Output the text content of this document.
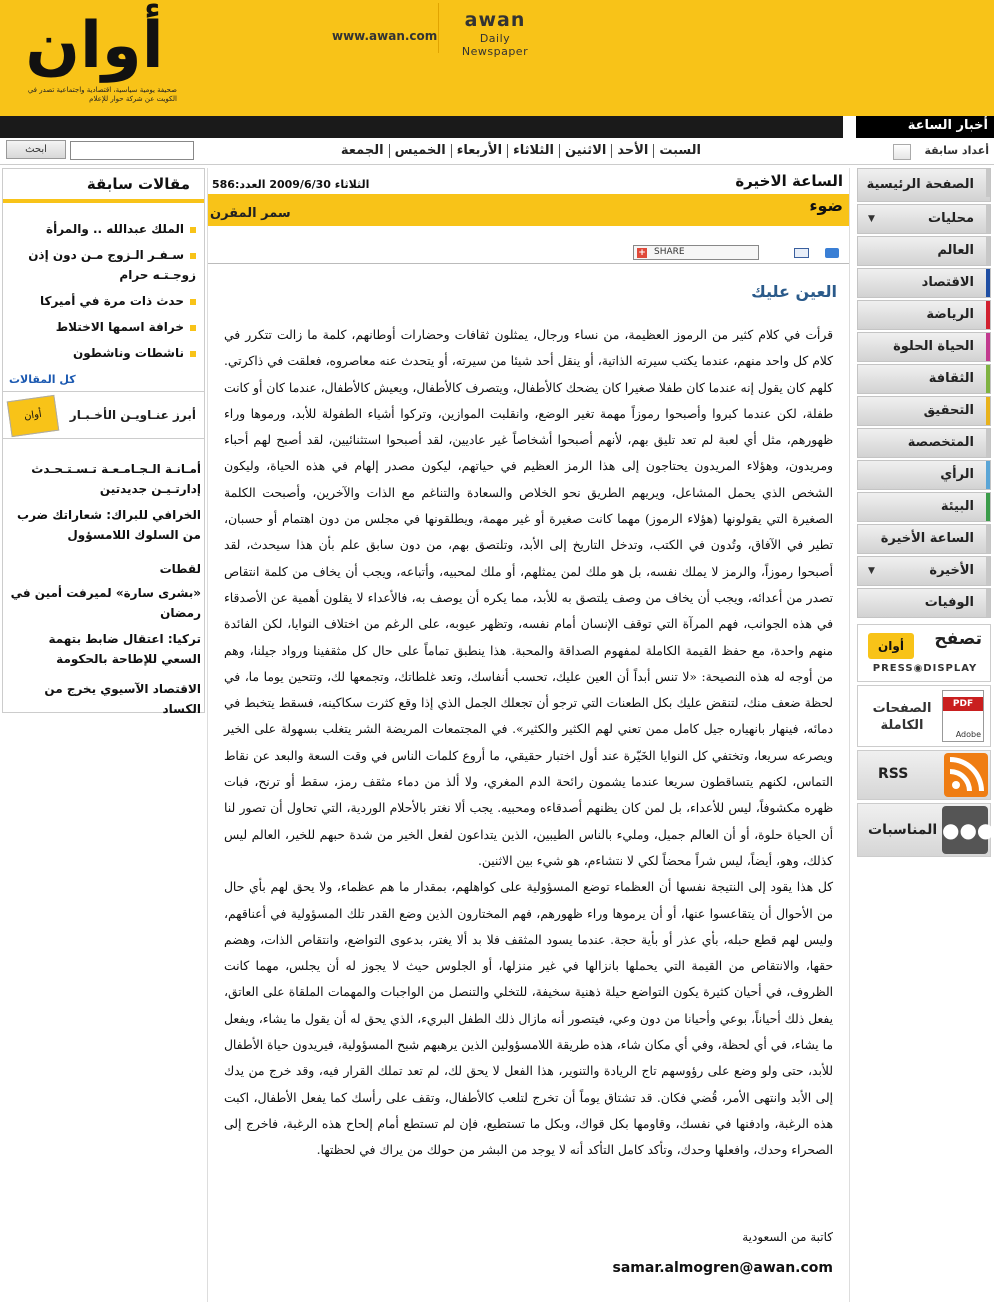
أوان
صحيفة يومية سياسية، اقتصادية واجتماعية تصدر في الكويت عن شركة حوار للإعلام
www.awan.com
awan
Daily Newspaper
أخبار الساعة
ابحث	السبتالأحدالاثنينالثلاثاءالأربعاءالخميسالجمعة	أعداد سابقة
الصفحة الرئيسية
محليات
▼
العالم
الاقتصاد
الرياضة
الحياة الحلوة
الثقافة
التحقيق
المتخصصة
الرأي
البيئة
الساعة الأخيرة
الأخيرة
▼
الوفيات
تصفح
أوان
PRESS◉DISPLAY
الصفحات الكاملة
PDF
Adobe
RSS
المناسبات ●●●
مقالات سابقة
الملك عبدالله .. والمرأة
سـفـر الـزوج مـن دون إذن زوجـتـه حرام
حدث ذات مرة في أميركا
خرافة اسمها الاختلاط
ناشطات وناشطون
كل المقالات
أبرز عنـاويـن الأخـبـار
أوان
أمـانـة الـجـامـعـة تـسـتـحـدث إدارتـيـن جديدتين
الخرافي للبراك: شعاراتك ضرب من السلوك اللامسؤول
لقطات
«بشرى سارة» لميرفت أمين في رمضان
تركيا: اعتقال ضابط بتهمة السعي للإطاحة بالحكومة
الاقتصاد الآسيوي يخرج من الكساد
الساعة الاخيرة
الثلاثاء 2009/6/30 العدد:586
ضوء
سمر المقرن
+ SHARE
العين عليك

قرأت في كلام كثير من الرموز العظيمة، من نساء ورجال، يمثلون ثقافات وحضارات أوطانهم، كلمة ما زالت تتكرر في كلام كل واحد منهم، عندما يكتب سيرته الذاتية، أو ينقل أحد شيئا من سيرته، أو يتحدث عنه معاصروه، فعلقت في ذاكرتي. كلهم كان يقول إنه عندما كان طفلا صغيرا كان يضحك كالأطفال، ويتصرف كالأطفال، ويعيش كالأطفال، عندما كان أو كانت طفلة، لكن عندما كبروا وأصبحوا رموزاً مهمة تغير الوضع، وانقلبت الموازين، وتركوا أشياء الطفولة للأبد، ورموها وراء ظهورهم، مثل أي لعبة لم تعد تليق بهم، لأنهم أصبحوا أشخاصاً غير عاديين، لقد أصبحوا استثنائيين، لقد أصبح لهم أحباء ومريدون، وهؤلاء المريدون يحتاجون إلى هذا الرمز العظيم في حياتهم، ليكون مصدر إلهام في هذه الحياة، وليكون الشخص الذي يحمل المشاعل، ويريهم الطريق نحو الخلاص والسعادة والتناغم مع الذات والآخرين، وأصبحت الكلمة الصغيرة التي يقولونها (هؤلاء الرموز) مهما كانت صغيرة أو غير مهمة، ويطلقونها في مجلس من دون اهتمام أو حسبان، تطير في الآفاق، وتُدون في الكتب، وتدخل التاريخ إلى الأبد، وتلتصق بهم، من دون سابق علم بأن هذا سيحدث، لقد أصبحوا رموزاً، والرمز لا يملك نفسه، بل هو ملك لمن يمثلهم، أو ملك لمحبيه، وأتباعه، ويجب أن يخاف من كلمة انتقاص تصدر من أعدائه، ويجب أن يخاف من وصف يلتصق به للأبد، مما يكره أن يوصف به، فالأعداء لا يقلون أهمية عن الأصدقاء في هذه الجوانب، فهم المرآة التي توقف الإنسان أمام نفسه، وتظهر عيوبه، على الرغم من اختلاف النوايا، لكن الفائدة منهم واحدة، مع حفظ القيمة الكاملة لمفهوم الصداقة والمحبة. هذا ينطبق تماماً على حال كل مثقفينا ورواد جيلنا، وهم من أوجه له هذه النصيحة: «لا تنس أبداً أن العين عليك، تحسب أنفاسك، وتعد غلطاتك، وتجمعها لك، وتتحين يوما ما، في لحظة ضعف منك، لتنقض عليك بكل الطعنات التي ترجو أن تجعلك الجمل الذي إذا وقع كثرت سكاكينه، فسقط يتخبط في دمائه، فينهار بانهياره جيل كامل ممن تعني لهم الكثير والكثير». في المجتمعات المريضة الشر يتغلب بسهولة على الخير ويصرعه سريعا، وتختفي كل النوايا الخَيّرة عند أول اختبار حقيقي، ما أروع كلمات الناس في وقت السعة والبعد عن نقاط التماس، لكنهم يتساقطون سريعا عندما يشمون رائحة الدم المغري، ولا ألذ من دماء مثقف رمز، سقط أو ترنح، فبات ظهره مكشوفاً، ليس للأعداء، بل لمن كان يظنهم أصدقاءه ومحبيه. يجب ألا نغتر بالأحلام الوردية، التي تحاول أن تصور لنا أن الحياة حلوة، أو أن العالم جميل، ومليء بالناس الطيبين، الذين يتداعون لفعل الخير من شدة حبهم للخير، العالم ليس كذلك، وهو، أيضاً، ليس شراً محضاً لكي لا نتشاءم، هو شيء بين الاثنين.

كل هذا يقود إلى النتيجة نفسها أن العظماء توضع المسؤولية على كواهلهم، بمقدار ما هم عظماء، ولا يحق لهم بأي حال من الأحوال أن يتقاعسوا عنها، أو أن يرموها وراء ظهورهم، فهم المختارون الذين وضع القدر تلك المسؤولية في أعناقهم، وليس لهم قطع حبله، بأي عذر أو بأية حجة. عندما يسود المثقف فلا بد ألا يغتر، بدعوى التواضع، وانتقاص الذات، وهضم حقها، والانتقاص من القيمة التي يحملها بانزالها في غير منزلها، أو الجلوس حيث لا يجوز له أن يجلس، مهما كانت الظروف، في أحيان كثيرة يكون التواضع حيلة ذهنية سخيفة، للتخلي والتنصل من الواجبات والمهمات الملقاة على العاتق، يفعل ذلك أحياناً، بوعي وأحيانا من دون وعي، فيتصور أنه مازال ذلك الطفل البريء، الذي يحق له أن يقول ما يشاء، ويفعل ما يشاء، في أي لحظة، وفي أي مكان شاء، هذه طريقة اللامسؤولين الذين يرهبهم شبح المسؤولية، فيريدون حياة الأطفال للأبد، حتى ولو وضع على رؤوسهم تاج الريادة والتنوير، هذا الفعل لا يحق لك، لم تعد تملك القرار فيه، وقد خرج من يدك إلى الأبد وانتهى الأمر، قُضي فكان. قد تشتاق يوماً أن تخرج لتلعب كالأطفال، وتقف على رأسك كما يفعل الأطفال، اكبت هذه الرغبة، وادفنها في نفسك، وقاومها بكل قواك، وبكل ما تستطيع، فإن لم تستطع أمام إلحاح هذه الرغبة، فاخرج إلى الصحراء وحدك، وافعلها وحدك، وتأكد كامل التأكد أنه لا يوجد من البشر من حولك من يراك في لحظتها.

كاتبة من السعودية
samar.almogren@awan.com
